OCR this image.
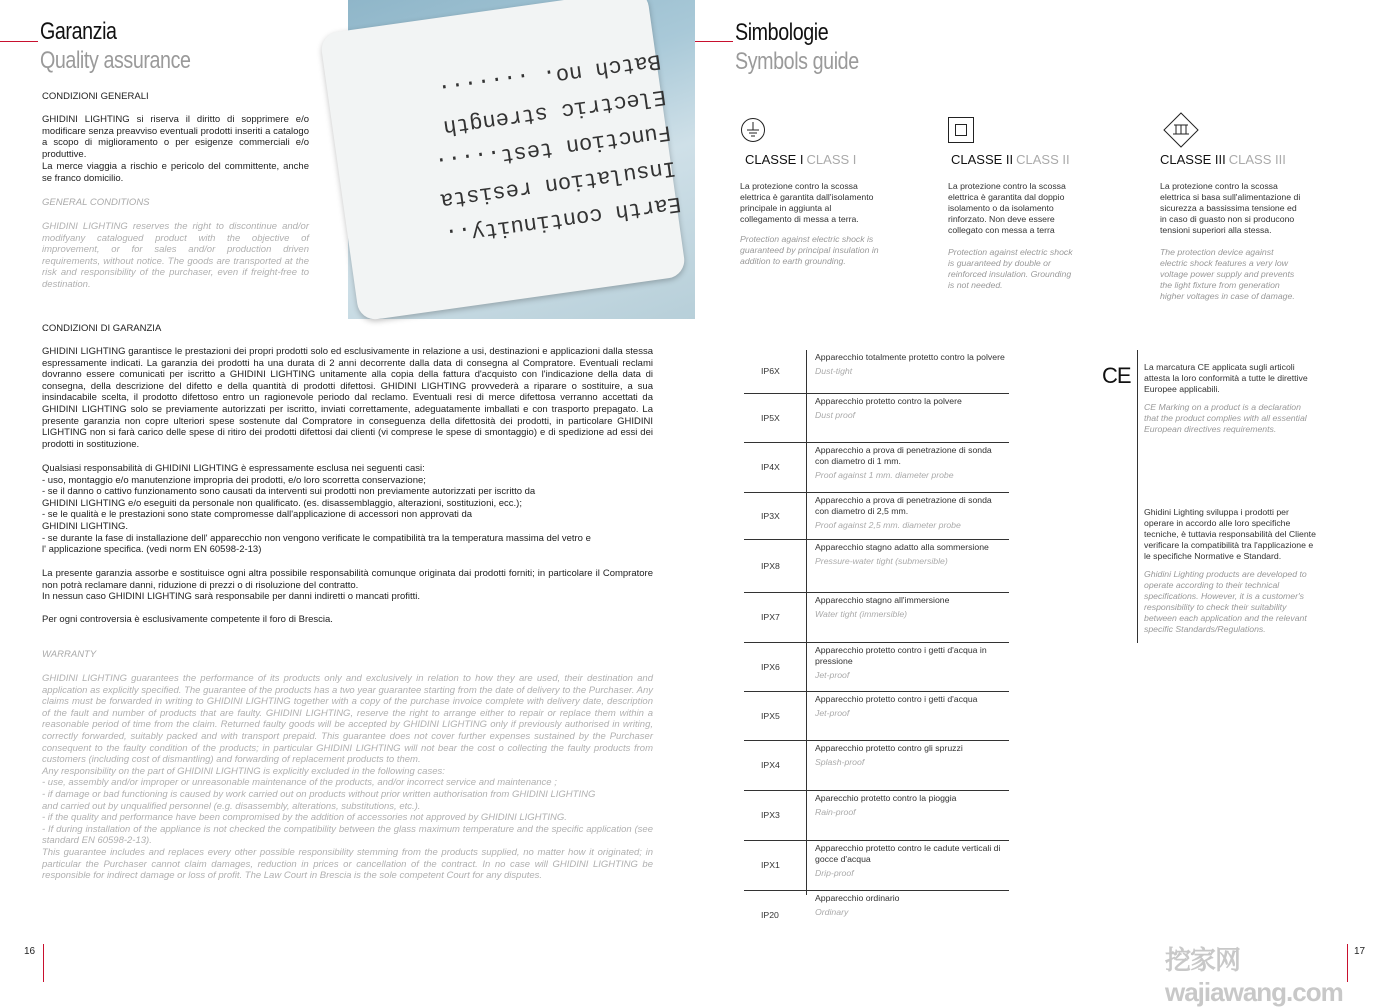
Garanzia
Quality assurance
CONDIZIONI GENERALI
GHIDINI LIGHTING si riserva il diritto di sopprimere e/o modificare senza preavviso eventuali prodotti inseriti a catalogo a scopo di miglioramento o per esigenze commerciali e/o produttive.
La merce viaggia a rischio e pericolo del committente, anche se franco domicilio.
GENERAL CONDITIONS
GHIDINI LIGHTING reserves the right to discontinue and/or modifyany catalogued product with the objective of improvement, or for sales and/or production driven requirements, without notice. The goods are transported at the risk and responsibility of the purchaser, even if freight-free to destination.
Earth continuity..
Insulation resista
Function test.....
Electric strength
Batch no. .......
CONDIZIONI DI GARANZIA
GHIDINI LIGHTING garantisce le prestazioni dei propri prodotti solo ed esclusivamente in relazione a usi, destinazioni e applicazioni dalla stessa espressamente indicati. La garanzia dei prodotti ha una durata di 2 anni decorrente dalla data di consegna al Compratore. Eventuali reclami dovranno essere comunicati per iscritto a GHIDINI LIGHTING unitamente alla copia della fattura d'acquisto con l'indicazione della data di consegna, della descrizione del difetto e della quantità di prodotti difettosi. GHIDINI LIGHTING provvederà a riparare o sostituire, a sua insindacabile scelta, il prodotto difettoso entro un ragionevole periodo dal reclamo. Eventuali resi di merce difettosa verranno accettati da GHIDINI LIGHTING solo se previamente autorizzati per iscritto, inviati correttamente, adeguatamente imballati e con trasporto prepagato. La presente garanzia non copre ulteriori spese sostenute dal Compratore in conseguenza della difettosità dei prodotti, in particolare GHIDINI LIGHTING non si farà carico delle spese di ritiro dei prodotti difettosi dai clienti (vi comprese le spese di smontaggio) e di spedizione ad essi dei prodotti in sostituzione.
Qualsiasi responsabilità di GHIDINI LIGHTING è espressamente esclusa nei seguenti casi:
- uso, montaggio e/o manutenzione impropria dei prodotti, e/o loro scorretta conservazione;
- se il danno o cattivo funzionamento sono causati da interventi sui prodotti non previamente autorizzati per iscritto da
GHIDINI LIGHTING e/o eseguiti da personale non qualificato. (es. disassemblaggio, alterazioni, sostituzioni, ecc.);
- se le qualità e le prestazioni sono state compromesse dall'applicazione di accessori non approvati da
GHIDINI LIGHTING.
- se durante la fase di installazione dell' apparecchio non vengono verificate le compatibilità tra la temperatura massima del vetro e
l' applicazione specifica. (vedi norm EN 60598-2-13)
La presente garanzia assorbe e sostituisce ogni altra possibile responsabilità comunque originata dai prodotti forniti; in particolare il Compratore non potrà reclamare danni, riduzione di prezzi o di risoluzione del contratto.
In nessun caso GHIDINI LIGHTING sarà responsabile per danni indiretti o mancati profitti.
Per ogni controversia è esclusivamente competente il foro di Brescia.
WARRANTY
GHIDINI LIGHTING guarantees the performance of its products only and exclusively in relation to how they are used, their destination and application as explicitly specified. The guarantee of the products has a two year guarantee starting from the date of delivery to the Purchaser. Any claims must be forwarded in writing to GHIDINI LIGHTING together with a copy of the purchase invoice complete with delivery date, description of the fault and number of products that are faulty. GHIDINI LIGHTING, reserve the right to arrange either to repair or replace them within a reasonable period of time from the claim. Returned faulty goods will be accepted by GHIDINI LIGHTING only if previously authorised in writing, correctly forwarded, suitably packed and with transport prepaid. This guarantee does not cover further expenses sustained by the Purchaser consequent to the faulty condition of the products; in particular GHIDINI LIGHTING will not bear the cost o collecting the faulty products from customers (including cost of dismantling) and forwarding of replacement products to them.
Any responsibility on the part of GHIDINI LIGHTING is explicitly excluded in the following cases:
- use, assembly and/or improper or unreasonable maintenance of the products, and/or incorrect service and maintenance ;
- if damage or bad functioning is caused by work carried out on products without prior written authorisation from GHIDINI LIGHTING
and carried out by unqualified personnel (e.g. disassembly, alterations, substitutions, etc.).
- if the quality and performance have been compromised by the addition of accessories not approved by GHIDINI LIGHTING.
- If during installation of the appliance is not checked the compatibility between the glass maximum temperature and the specific application (see standard EN 60598-2-13).
This guarantee includes and replaces every other possible responsibility stemming from the products supplied, no matter how it originated; in particular the Purchaser cannot claim damages, reduction in prices or cancellation of the contract. In no case will GHIDINI LIGHTING be responsible for indirect damage or loss of profit. The Law Court in Brescia is the sole competent Court for any disputes.
16
Simbologie
Symbols guide
CLASSE I CLASS I
La protezione contro la scossa elettrica è garantita dall'isolamento principale in aggiunta al collegamento di messa a terra.
Protection against electric shock is guaranteed by principal insulation in addition to earth grounding.
CLASSE II CLASS II
La protezione contro la scossa elettrica è garantita dal doppio isolamento o da isolamento rinforzato. Non deve essere collegato con messa a terra
Protection against electric shock is guaranteed by double or reinforced insulation. Grounding is not needed.
CLASSE III CLASS III
La protezione contro la scossa elettrica si basa sull'alimentazione di sicurezza a bassissima tensione ed in caso di guasto non si producono tensioni superiori alla stessa.
The protection device against electric shock features a very low voltage power supply and prevents the light fixture from generation higher voltages in case of damage.
IP6X
Apparecchio totalmente protetto contro la polvere
Dust-tight
IP5X
Apparecchio protetto contro la polvere
Dust proof
IP4X
Apparecchio a prova di penetrazione di sonda con diametro di 1 mm.
Proof against 1 mm. diameter probe
IP3X
Apparecchio a prova di penetrazione di sonda con diametro di 2,5 mm.
Proof against 2,5 mm. diameter probe
IPX8
Apparecchio stagno adatto alla sommersione
Pressure-water tight (submersible)
IPX7
Apparecchio stagno all'immersione
Water tight (immersible)
IPX6
Apparecchio protetto contro i getti d'acqua in pressione
Jet-proof
IPX5
Apparecchio protetto contro i getti d'acqua
Jet-proof
IPX4
Apparecchio protetto contro gli spruzzi
Splash-proof
IPX3
Aparecchio protetto contro la pioggia
Rain-proof
IPX1
Apparecchio protetto contro le cadute verticali di gocce d'acqua
Drip-proof
IP20
Apparecchio ordinario
Ordinary
CE La marcatura CE applicata sugli articoli attesta la loro conformità a tutte le direttive Europee applicabili.
CE Marking on a product is a declaration that the product complies with all essential European directives requirements.
Ghidini Lighting sviluppa i prodotti per operare in accordo alle loro specifiche tecniche, è tuttavia responsabilità del Cliente verificare la compatibilità tra l'applicazione e le specifiche Normative e Standard.
Ghidini Lighting products are developed to operate according to their technical specifications. However, it is a customer's responsibility to check their suitability between each application and the relevant specific Standards/Regulations.
挖家网 wajiawang.com
17
